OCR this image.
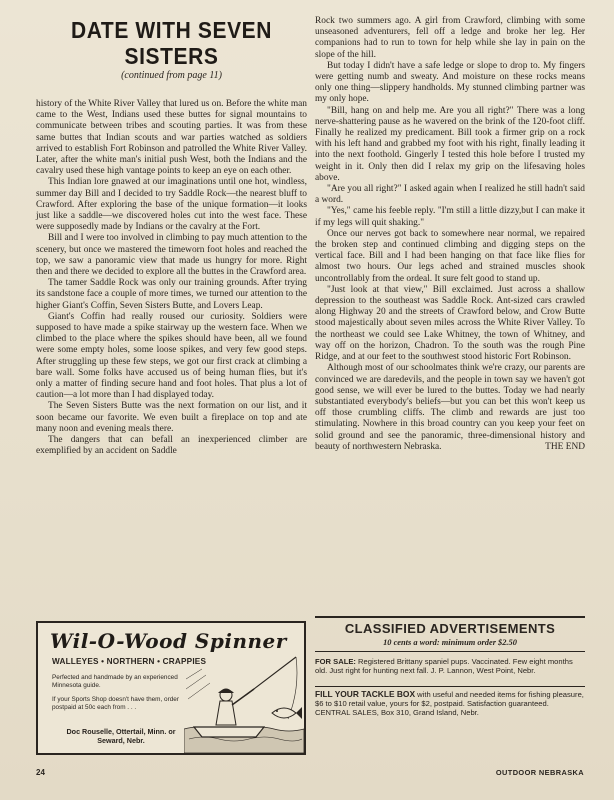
DATE WITH SEVEN SISTERS
(continued from page 11)

history of the White River Valley that lured us on. Before the white man came to the West, Indians used these buttes for signal mountains to communicate between tribes and scouting parties. It was from these same buttes that Indian scouts and war parties watched as soldiers arrived to establish Fort Robinson and patrolled the White River Valley. Later, after the white man's initial push West, both the Indians and the cavalry used these high vantage points to keep an eye on each other.

This Indian lore gnawed at our imaginations until one hot, windless, summer day Bill and I decided to try Saddle Rock—the nearest bluff to Crawford. After exploring the base of the unique formation—it looks just like a saddle—we discovered holes cut into the west face. These were supposedly made by Indians or the cavalry at the Fort.

Bill and I were too involved in climbing to pay much attention to the scenery, but once we mastered the timeworn foot holes and reached the top, we saw a panoramic view that made us hungry for more. Right then and there we decided to explore all the buttes in the Crawford area.

The tamer Saddle Rock was only our training grounds. After trying its sandstone face a couple of more times, we turned our attention to the higher Giant's Coffin, Seven Sisters Butte, and Lovers Leap.

Giant's Coffin had really roused our curiosity. Soldiers were supposed to have made a spike stairway up the western face. When we climbed to the place where the spikes should have been, all we found were some empty holes, some loose spikes, and very few good steps. After struggling up these few steps, we got our first crack at climbing a bare wall. Some folks have accused us of being human flies, but it's only a matter of finding secure hand and foot holes. That plus a lot of caution—a lot more than I had displayed today.

The Seven Sisters Butte was the next formation on our list, and it soon became our favorite. We even built a fireplace on top and ate many noon and evening meals there.

The dangers that can befall an inexperienced climber are exemplified by an accident on Saddle

Rock two summers ago. A girl from Crawford, climbing with some unseasoned adventurers, fell off a ledge and broke her leg. Her companions had to run to town for help while she lay in pain on the slope of the hill.

But today I didn't have a safe ledge or slope to drop to. My fingers were getting numb and sweaty. And moisture on these rocks means only one thing—slippery handholds. My stunned climbing partner was my only hope.

"Bill, hang on and help me. Are you all right?" There was a long nerve-shattering pause as he wavered on the brink of the 120-foot cliff. Finally he realized my predicament. Bill took a firmer grip on a rock with his left hand and grabbed my foot with his right, finally leading it into the next foothold. Gingerly I tested this hole before I trusted my weight in it. Only then did I relax my grip on the lifesaving holes above.

"Are you all right?" I asked again when I realized he still hadn't said a word.

"Yes," came his feeble reply. "I'm still a little dizzy,but I can make it if my legs will quit shaking."

Once our nerves got back to somewhere near normal, we repaired the broken step and continued climbing and digging steps on the vertical face. Bill and I had been hanging on that face like flies for almost two hours. Our legs ached and strained muscles shook uncontrollably from the ordeal. It sure felt good to stand up.

"Just look at that view," Bill exclaimed. Just across a shallow depression to the southeast was Saddle Rock. Ant-sized cars crawled along Highway 20 and the streets of Crawford below, and Crow Butte stood majestically about seven miles across the White River Valley. To the northeast we could see Lake Whitney, the town of Whitney, and way off on the horizon, Chadron. To the south was the rough Pine Ridge, and at our feet to the southwest stood historic Fort Robinson.

Although most of our schoolmates think we're crazy, our parents are convinced we are daredevils, and the people in town say we haven't got good sense, we will ever be lured to the buttes. Today we had nearly substantiated everybody's beliefs—but you can bet this won't keep us off those crumbling cliffs. The climb and rewards are just too stimulating. Nowhere in this broad country can you keep your feet on solid ground and see the panoramic, three-dimensional history and beauty of northwestern Nebraska.	THE END
Wil-O-Wood Spinner
WALLEYES • NORTHERN • CRAPPIES
Perfected and handmade by an experienced Minnesota guide.
If your Sports Shop doesn't have them, order postpaid at 50c each from . . .
Doc Rouselle, Ottertail, Minn. or Seward, Nebr.
CLASSIFIED ADVERTISEMENTS
10 cents a word: minimum order $2.50
FOR SALE: Registered Brittany spaniel pups. Vaccinated. Few eight months old. Just right for hunting next fall. J. P. Lannon, West Point, Nebr.
FILL YOUR TACKLE BOX with useful and needed items for fishing pleasure, $6 to $10 retail value, yours for $2, postpaid. Satisfaction guaranteed. CENTRAL SALES, Box 310, Grand Island, Nebr.
24	OUTDOOR NEBRASKA
